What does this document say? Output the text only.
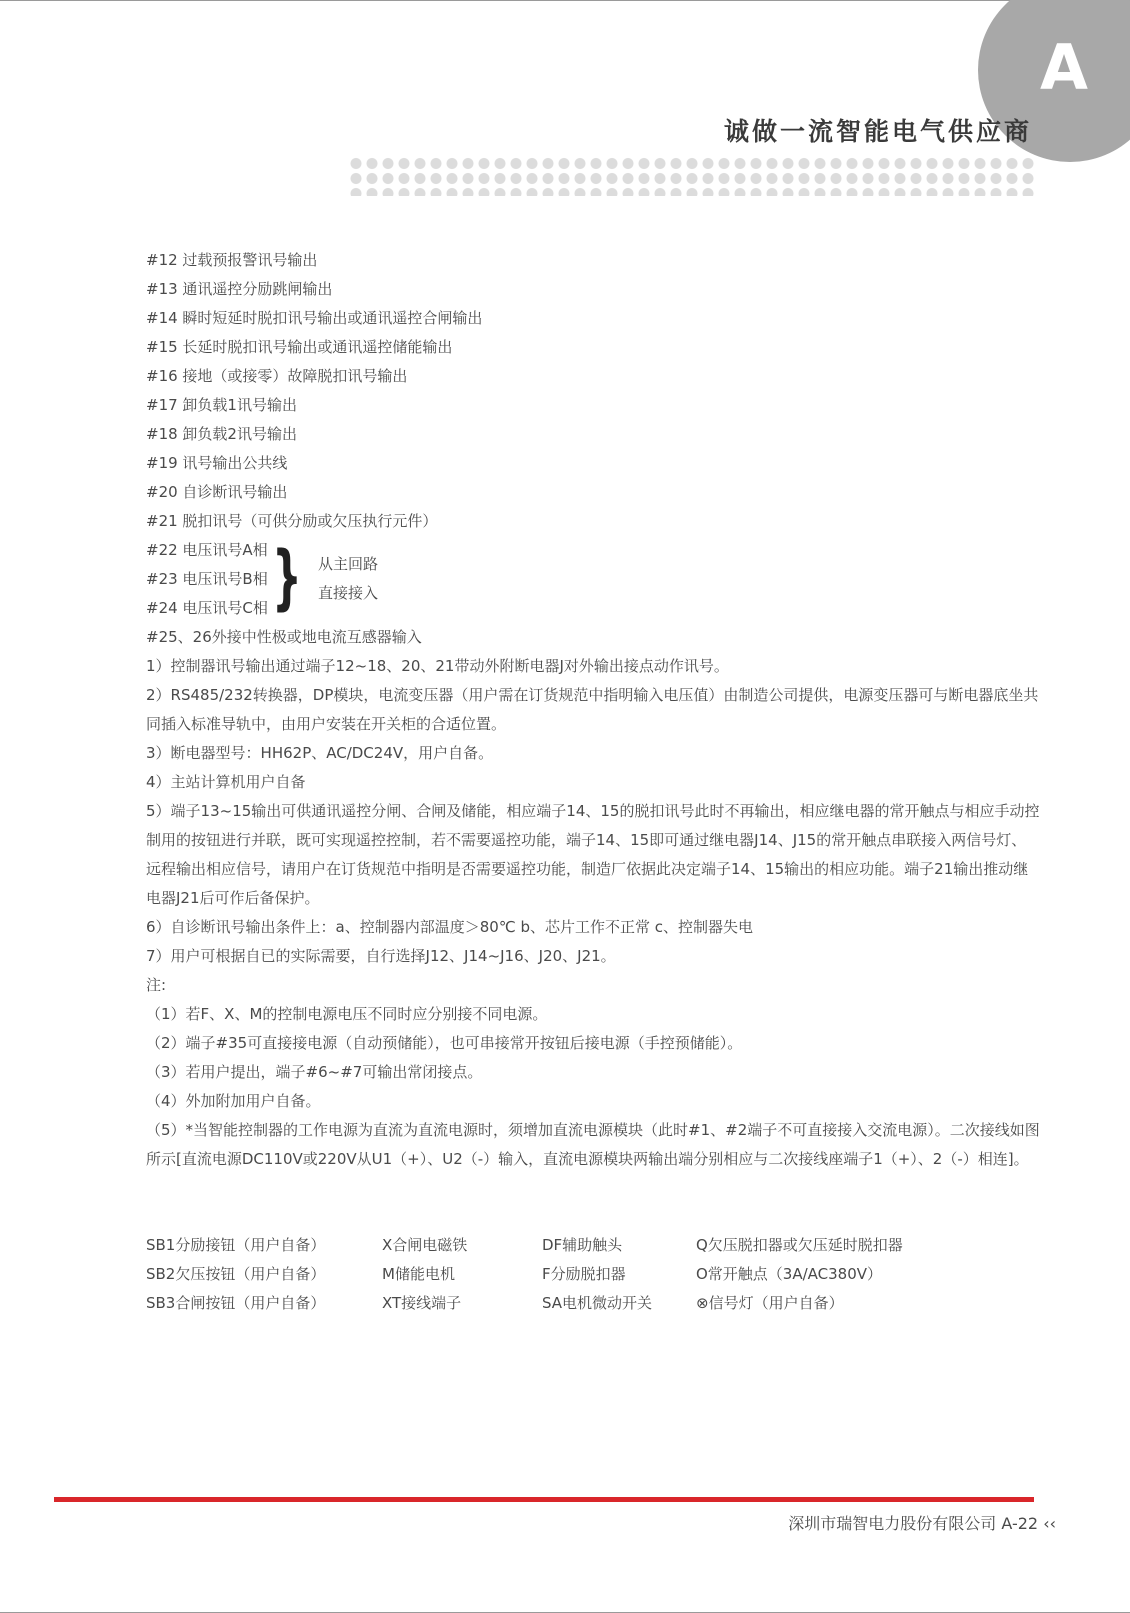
A
诚做一流智能电气供应商
#12 过载预报警讯号输出
#13 通讯遥控分励跳闸输出
#14 瞬时短延时脱扣讯号输出或通讯遥控合闸输出
#15 长延时脱扣讯号输出或通讯遥控储能输出
#16 接地（或接零）故障脱扣讯号输出
#17 卸负载1讯号输出
#18 卸负载2讯号输出
#19 讯号输出公共线
#20 自诊断讯号输出
#21 脱扣讯号（可供分励或欠压执行元件）
#22 电压讯号A相
#23 电压讯号B相
#24 电压讯号C相 } 从主回路
直接接入
#25、26外接中性极或地电流互感器输入
1）控制器讯号输出通过端子12~18、20、21带动外附断电器J对外输出接点动作讯号。
2）RS485/232转换器，DP模块，电流变压器（用户需在订货规范中指明输入电压值）由制造公司提供，电源变压器可与断电器底坐共同插入标准导轨中，由用户安装在开关柜的合适位置。
3）断电器型号：HH62P、AC/DC24V，用户自备。
4）主站计算机用户自备
5）端子13~15输出可供通讯遥控分闸、合闸及储能，相应端子14、15的脱扣讯号此时不再输出，相应继电器的常开触点与相应手动控制用的按钮进行并联，既可实现遥控控制，若不需要遥控功能，端子14、15即可通过继电器J14、J15的常开触点串联接入两信号灯、远程输出相应信号，请用户在订货规范中指明是否需要遥控功能，制造厂依据此决定端子14、15输出的相应功能。端子21输出推动继电器J21后可作后备保护。
6）自诊断讯号输出条件上：a、控制器内部温度＞80℃ b、芯片工作不正常 c、控制器失电
7）用户可根据自已的实际需要，自行选择J12、J14~J16、J20、J21。
注:
（1）若F、X、M的控制电源电压不同时应分别接不同电源。
（2）端子#35可直接接电源（自动预储能），也可串接常开按钮后接电源（手控预储能）。
（3）若用户提出，端子#6~#7可输出常闭接点。
（4）外加附加用户自备。
（5）*当智能控制器的工作电源为直流为直流电源时，须增加直流电源模块（此时#1、#2端子不可直接接入交流电源）。二次接线如图所示[直流电源DC110V或220V从U1（+）、U2（-）输入，直流电源模块两输出端分别相应与二次接线座端子1（+）、2（-）相连]。
SB1分励接钮（用户自备）	X合闸电磁铁	DF辅助触头	Q欠压脱扣器或欠压延时脱扣器
SB2欠压按钮（用户自备）	M储能电机	F分励脱扣器	O常开触点（3A/AC380V）
SB3合闸按钮（用户自备）	XT接线端子	SA电机微动开关	⊗信号灯（用户自备）
深圳市瑞智电力股份有限公司 A-22 ‹‹
